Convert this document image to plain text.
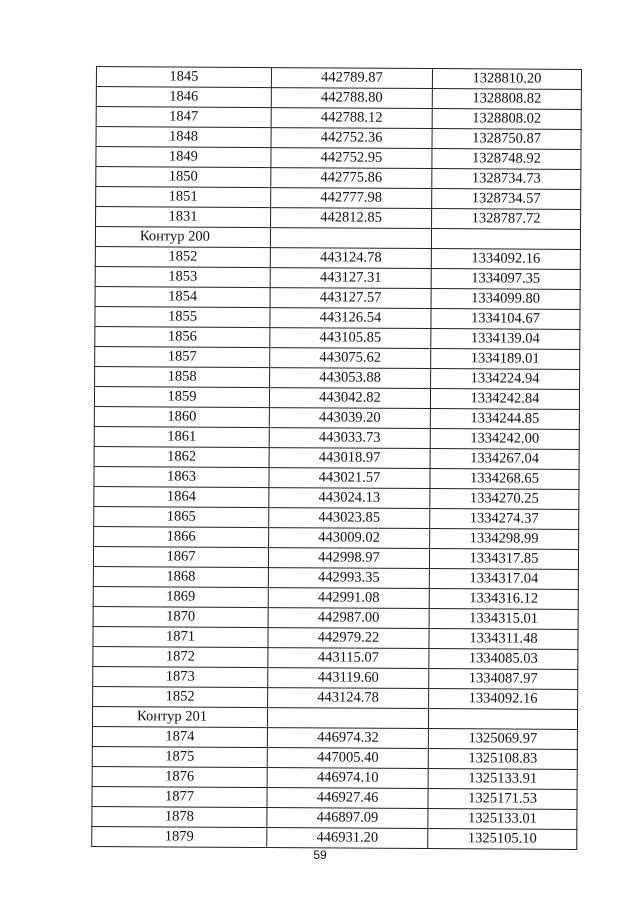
1845	442789.87	1328810.20
1846	442788.80	1328808.82
1847	442788.12	1328808.02
1848	442752.36	1328750.87
1849	442752.95	1328748.92
1850	442775.86	1328734.73
1851	442777.98	1328734.57
1831	442812.85	1328787.72
Контур 200		
1852	443124.78	1334092.16
1853	443127.31	1334097.35
1854	443127.57	1334099.80
1855	443126.54	1334104.67
1856	443105.85	1334139.04
1857	443075.62	1334189.01
1858	443053.88	1334224.94
1859	443042.82	1334242.84
1860	443039.20	1334244.85
1861	443033.73	1334242.00
1862	443018.97	1334267.04
1863	443021.57	1334268.65
1864	443024.13	1334270.25
1865	443023.85	1334274.37
1866	443009.02	1334298.99
1867	442998.97	1334317.85
1868	442993.35	1334317.04
1869	442991.08	1334316.12
1870	442987.00	1334315.01
1871	442979.22	1334311.48
1872	443115.07	1334085.03
1873	443119.60	1334087.97
1852	443124.78	1334092.16
Контур 201		
1874	446974.32	1325069.97
1875	447005.40	1325108.83
1876	446974.10	1325133.91
1877	446927.46	1325171.53
1878	446897.09	1325133.01
1879	446931.20	1325105.10
59
